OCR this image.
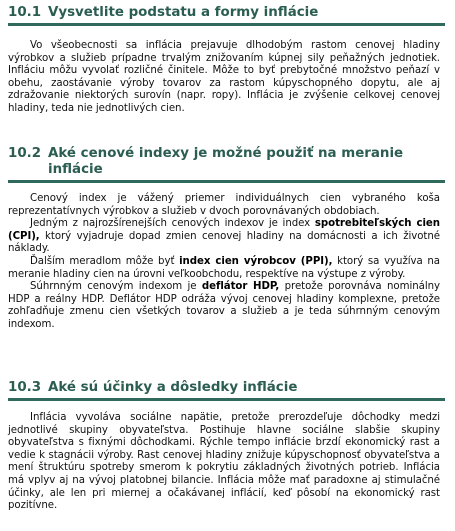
10.1 Vysvetlite podstatu a formy inflácie

Vo všeobecnosti sa inflácia prejavuje dlhodobým rastom cenovej hladiny výrobkov a služieb prípadne trvalým znižovaním kúpnej sily peňažných jednotiek. Infláciu môžu vyvolať rozličné činitele. Môže to byť prebytočné množstvo peňazí v obehu, zaostávanie výroby tovarov za rastom kúpyschopného dopytu, ale aj zdražovanie niektorých surovín (napr. ropy). Inflácia je zvýšenie celkovej cenovej hladiny, teda nie jednotlivých cien.

10.2 Aké cenové indexy je možné použiť na meranie inflácie

Cenový index je vážený priemer individuálnych cien vybraného koša reprezentatívnych výrobkov a služieb v dvoch porovnávaných obdobiach.

Jedným z najrozšírenejších cenových indexov je index spotrebiteľských cien (CPI), ktorý vyjadruje dopad zmien cenovej hladiny na domácnosti a ich životné náklady.

Ďalším meradlom môže byť index cien výrobcov (PPI), ktorý sa využíva na meranie hladiny cien na úrovni veľkoobchodu, respektíve na výstupe z výroby.

Súhrnným cenovým indexom je deflátor HDP, pretože porovnáva nominálny HDP a reálny HDP. Deflátor HDP odráža vývoj cenovej hladiny komplexne, pretože zohľadňuje zmenu cien všetkých tovarov a služieb a je teda súhrnným cenovým indexom.

10.3 Aké sú účinky a dôsledky inflácie

Inflácia vyvoláva sociálne napätie, pretože prerozdeľuje dôchodky medzi jednotlivé skupiny obyvateľstva. Postihuje hlavne sociálne slabšie skupiny obyvateľstva s fixnými dôchodkami. Rýchle tempo inflácie brzdí ekonomický rast a vedie k stagnácii výroby. Rast cenovej hladiny znižuje kúpyschopnosť obyvateľstva a mení štruktúru spotreby smerom k pokrytiu základných životných potrieb. Inflácia má vplyv aj na vývoj platobnej bilancie. Inflácia môže mať paradoxne aj stimulačné účinky, ale len pri miernej a očakávanej inflácií, keď pôsobí na ekonomický rast pozitívne.
